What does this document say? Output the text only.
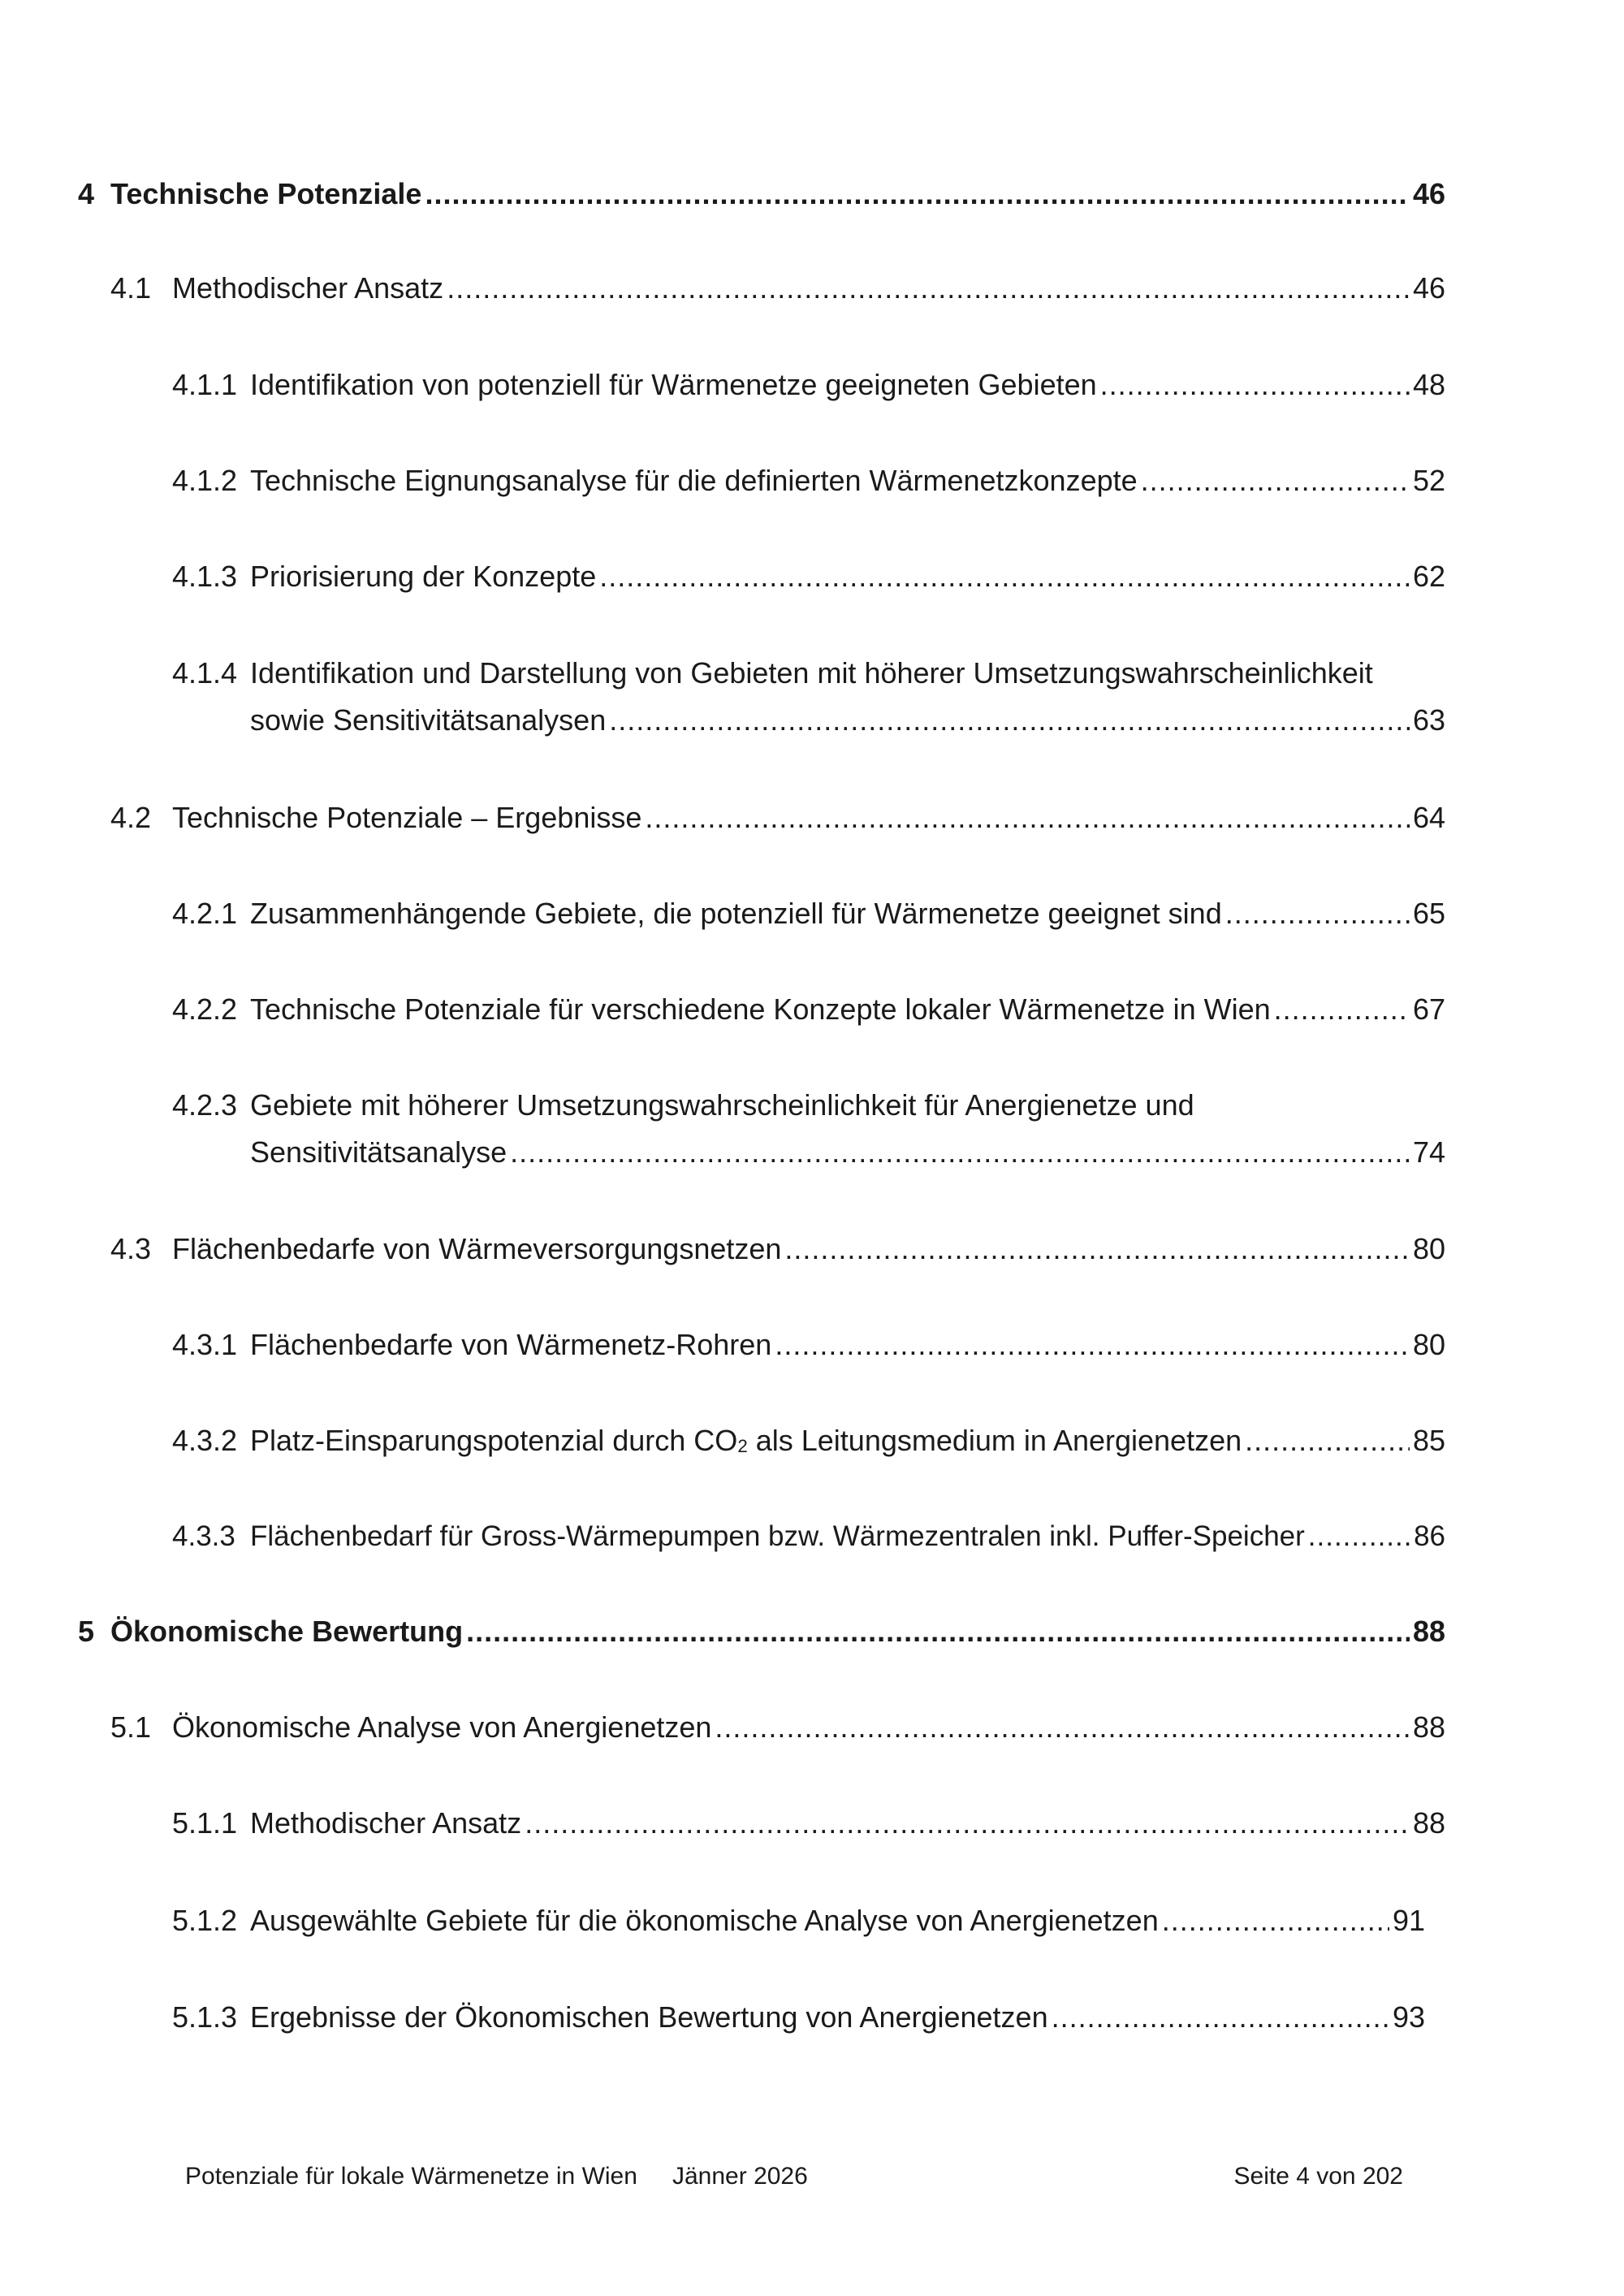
4 Technische Potenziale .....	46
4.1 Methodischer Ansatz .....	46
4.1.1 Identifikation von potenziell für Wärmenetze geeigneten Gebieten .....	48
4.1.2 Technische Eignungsanalyse für die definierten Wärmenetzkonzepte .....	52
4.1.3 Priorisierung der Konzepte .....	62
4.1.4 Identifikation und Darstellung von Gebieten mit höherer Umsetzungswahrscheinlichkeit
sowie Sensitivitätsanalysen .....	63
4.2 Technische Potenziale – Ergebnisse .....	64
4.2.1 Zusammenhängende Gebiete, die potenziell für Wärmenetze geeignet sind .....	65
4.2.2 Technische Potenziale für verschiedene Konzepte lokaler Wärmenetze in Wien .....	67
4.2.3 Gebiete mit höherer Umsetzungswahrscheinlichkeit für Anergienetze und
Sensitivitätsanalyse .....	74
4.3 Flächenbedarfe von Wärmeversorgungsnetzen .....	80
4.3.1 Flächenbedarfe von Wärmenetz-Rohren .....	80
4.3.2 Platz-Einsparungspotenzial durch $CO_2$ als Leitungsmedium in Anergienetzen .....	85
4.3.3 Flächenbedarf für Gross-Wärmepumpen bzw. Wärmezentralen inkl. Puffer-Speicher .....	86
5 Ökonomische Bewertung .....	88
5.1 Ökonomische Analyse von Anergienetzen .....	88
5.1.1 Methodischer Ansatz .....	88
5.1.2 Ausgewählte Gebiete für die ökonomische Analyse von Anergienetzen .....	91
5.1.3 Ergebnisse der Ökonomischen Bewertung von Anergienetzen .....	93
Potenziale für lokale Wärmenetze in Wien Jänner 2026	Seite 4 von 202
